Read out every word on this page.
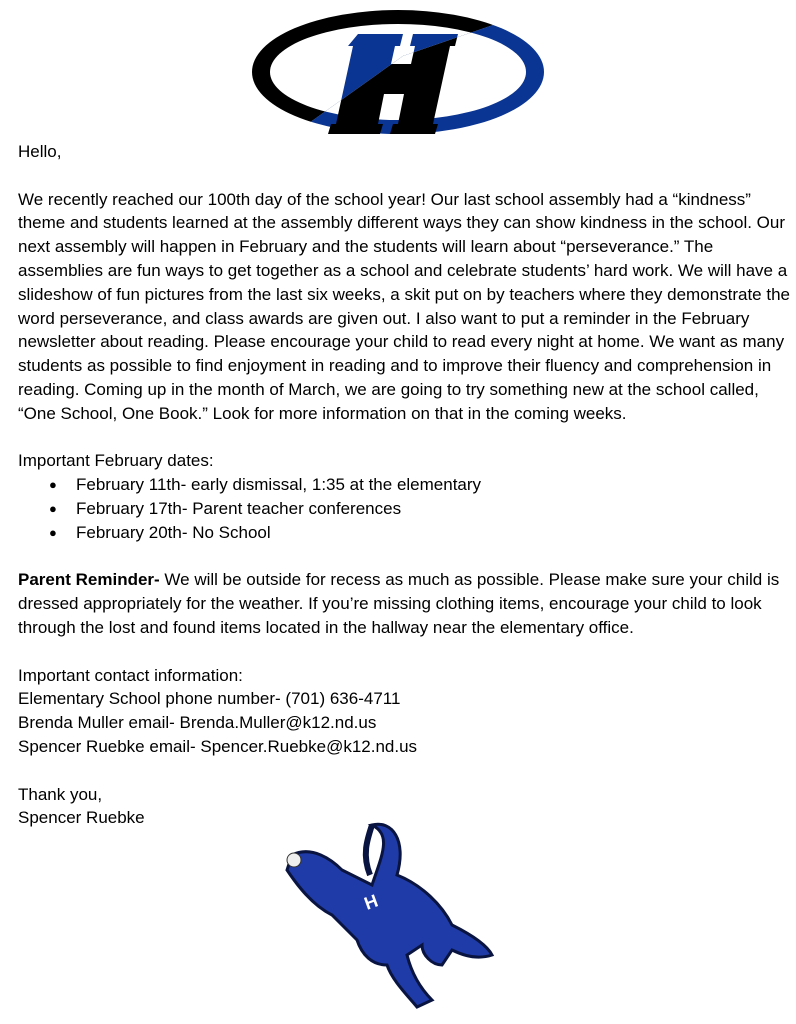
Hello,

We recently reached our 100th day of the school year! Our last school assembly had a “kindness” theme and students learned at the assembly different ways they can show kindness in the school. Our next assembly will happen in February and the students will learn about “perseverance.” The assemblies are fun ways to get together as a school and celebrate students’ hard work. We will have a slideshow of fun pictures from the last six weeks, a skit put on by teachers where they demonstrate the word perseverance, and class awards are given out. I also want to put a reminder in the February newsletter about reading. Please encourage your child to read every night at home. We want as many students as possible to find enjoyment in reading and to improve their fluency and comprehension in reading. Coming up in the month of March, we are going to try something new at the school called, “One School, One Book.” Look for more information on that in the coming weeks.

Important February dates:

● February 11th- early dismissal, 1:35 at the elementary
● February 17th- Parent teacher conferences
● February 20th- No School

Parent Reminder- We will be outside for recess as much as possible. Please make sure your child is dressed appropriately for the weather. If you’re missing clothing items, encourage your child to look through the lost and found items located in the hallway near the elementary office.

Important contact information:

Elementary School phone number- (701) 636-4711

Brenda Muller email- Brenda.Muller@k12.nd.us

Spencer Ruebke email- Spencer.Ruebke@k12.nd.us

Thank you,

Spencer Ruebke

H
